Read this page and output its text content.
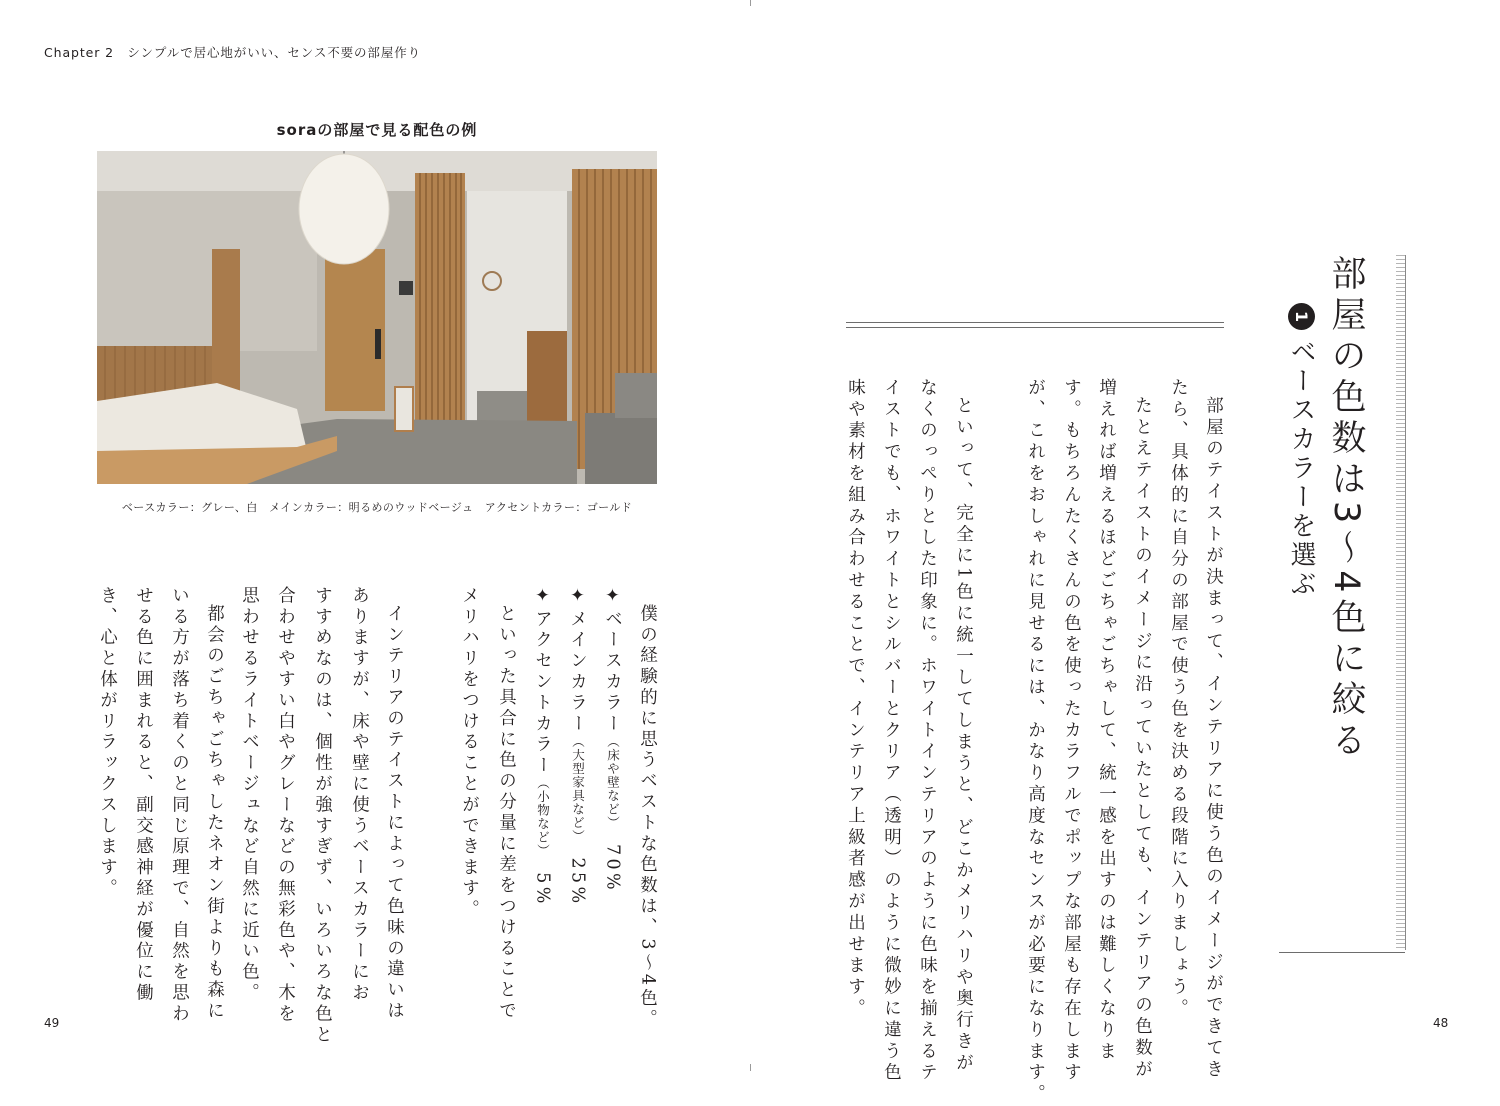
Chapter 2　シンプルで居心地がいい、センス不要の部屋作り
soraの部屋で見る配色の例
ベースカラー：グレー、白　メインカラー：明るめのウッドベージュ　アクセントカラー：ゴールド
僕の経験的に思うベストな色数は、3〜4色。
✦ベースカラー（床や壁など）　70%
✦メインカラー（大型家具など）　25%
✦アクセントカラー（小物など）　5%
といった具合に色の分量に差をつけることで
メリハリをつけることができます。
インテリアのテイストによって色味の違いは
ありますが、床や壁に使うベースカラーにお
すすめなのは、個性が強すぎず、いろいろな色と
合わせやすい白やグレーなどの無彩色や、木を
思わせるライトベージュなど自然に近い色。
都会のごちゃごちゃしたネオン街よりも森に
いる方が落ち着くのと同じ原理で、自然を思わ
せる色に囲まれると、副交感神経が優位に働
き、心と体がリラックスします。
49
部屋の色数は3〜4色に絞る
1ベースカラーを選ぶ
部屋のテイストが決まって、インテリアに使う色のイメージができてき
たら、具体的に自分の部屋で使う色を決める段階に入りましょう。
たとえテイストのイメージに沿っていたとしても、インテリアの色数が
増えれば増えるほどごちゃごちゃして、統一感を出すのは難しくなりま
す。もちろんたくさんの色を使ったカラフルでポップな部屋も存在します
が、これをおしゃれに見せるには、かなり高度なセンスが必要になります。
といって、完全に1色に統一してしまうと、どこかメリハリや奥行きが
なくのっぺりとした印象に。ホワイトインテリアのように色味を揃えるテ
イストでも、ホワイトとシルバーとクリア（透明）のように微妙に違う色
味や素材を組み合わせることで、インテリア上級者感が出せます。
48
